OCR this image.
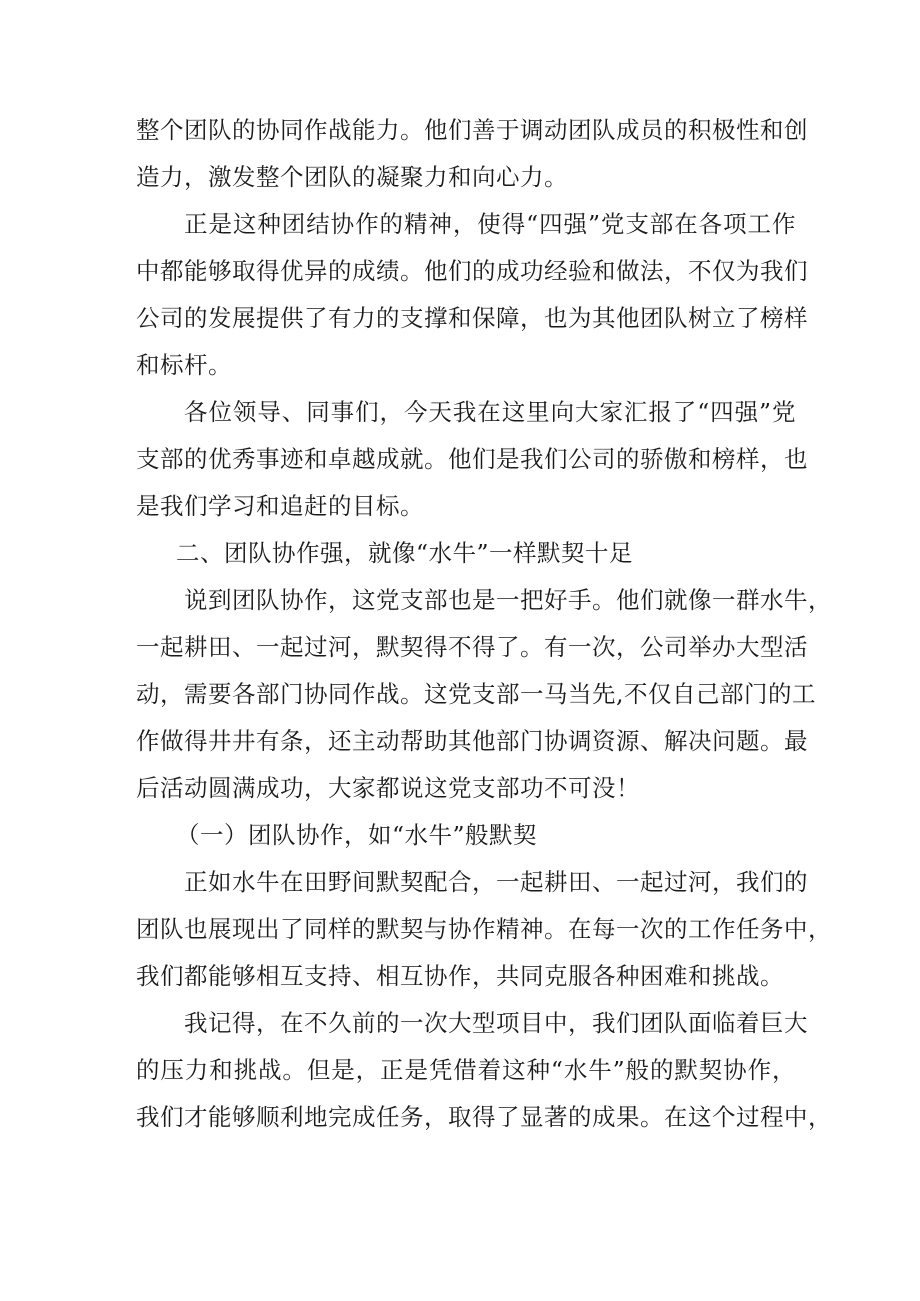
整个团队的协同作战能力。他们善于调动团队成员的积极性和创
造力，激发整个团队的凝聚力和向心力。
正是这种团结协作的精神，使得“四强”党支部在各项工作
中都能够取得优异的成绩。他们的成功经验和做法，不仅为我们
公司的发展提供了有力的支撑和保障，也为其他团队树立了榜样
和标杆。
各位领导、同事们，今天我在这里向大家汇报了“四强”党
支部的优秀事迹和卓越成就。他们是我们公司的骄傲和榜样，也
是我们学习和追赶的目标。
二、团队协作强，就像“水牛”一样默契十足
说到团队协作，这党支部也是一把好手。他们就像一群水牛，
一起耕田、一起过河，默契得不得了。有一次，公司举办大型活
动，需要各部门协同作战。这党支部一马当先,不仅自己部门的工
作做得井井有条，还主动帮助其他部门协调资源、解决问题。最
后活动圆满成功，大家都说这党支部功不可没！
（一）团队协作，如“水牛”般默契
正如水牛在田野间默契配合，一起耕田、一起过河，我们的
团队也展现出了同样的默契与协作精神。在每一次的工作任务中，
我们都能够相互支持、相互协作，共同克服各种困难和挑战。
我记得，在不久前的一次大型项目中，我们团队面临着巨大
的压力和挑战。但是，正是凭借着这种“水牛”般的默契协作，
我们才能够顺利地完成任务，取得了显著的成果。在这个过程中，
